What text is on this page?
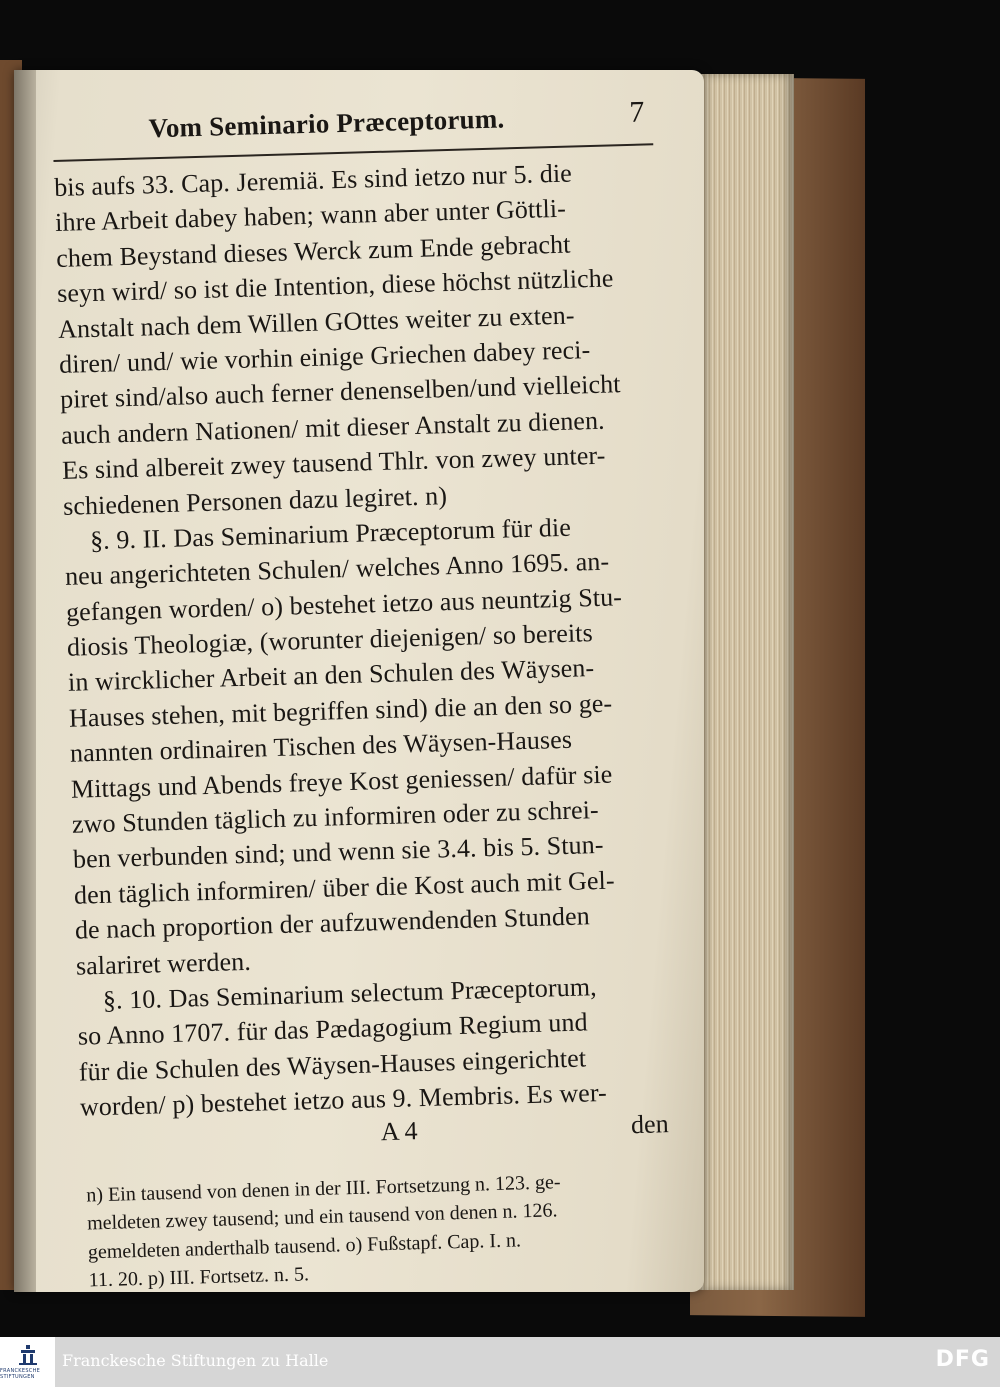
Vom Seminario Præceptorum.	7
bis aufs 33. Cap. Jeremiä. Es sind ietzo nur 5. die
ihre Arbeit dabey haben; wann aber unter Göttli-
chem Beystand dieses Werck zum Ende gebracht
seyn wird/ so ist die Intention, diese höchst nützliche
Anstalt nach dem Willen GOttes weiter zu exten-
diren/ und/ wie vorhin einige Griechen dabey reci-
piret sind/also auch ferner denenselben/und vielleicht
auch andern Nationen/ mit dieser Anstalt zu dienen.
Es sind albereit zwey tausend Thlr. von zwey unter-
schiedenen Personen dazu legiret. n)
§. 9. II. Das Seminarium Præceptorum für die
neu angerichteten Schulen/ welches Anno 1695. an-
gefangen worden/ o) bestehet ietzo aus neuntzig Stu-
diosis Theologiæ, (worunter diejenigen/ so bereits
in wircklicher Arbeit an den Schulen des Wäysen-
Hauses stehen, mit begriffen sind) die an den so ge-
nannten ordinairen Tischen des Wäysen-Hauses
Mittags und Abends freye Kost geniessen/ dafür sie
zwo Stunden täglich zu informiren oder zu schrei-
ben verbunden sind; und wenn sie 3.4. bis 5. Stun-
den täglich informiren/ über die Kost auch mit Gel-
de nach proportion der aufzuwendenden Stunden
salariret werden.
§. 10. Das Seminarium selectum Præceptorum,
so Anno 1707. für das Pædagogium Regium und
für die Schulen des Wäysen-Hauses eingerichtet
worden/ p) bestehet ietzo aus 9. Membris. Es wer-
A 4	den
n) Ein tausend von denen in der III. Fortsetzung n. 123. ge-
meldeten zwey tausend; und ein tausend von denen n. 126.
gemeldeten anderthalb tausend. o) Fußstapf. Cap. I. n.
11. 20. p) III. Fortsetz. n. 5.
FRANCKESCHE STIFTUNGEN
Franckesche Stiftungen zu Halle	DFG
